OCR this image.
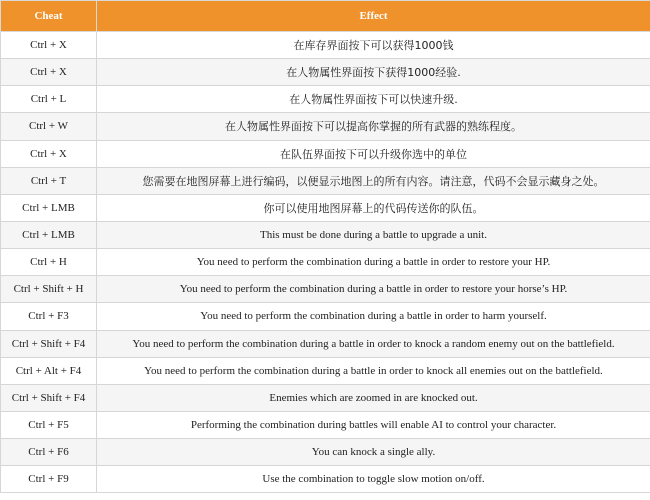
Cheat	Effect
Ctrl + X	在库存界面按下可以获得1000钱
Ctrl + X	在人物属性界面按下获得1000经验.
Ctrl + L	在人物属性界面按下可以快速升级.
Ctrl + W	在人物属性界面按下可以提高你掌握的所有武器的熟练程度。
Ctrl + X	在队伍界面按下可以升级你选中的单位
Ctrl + T	您需要在地图屏幕上进行编码，以便显示地图上的所有内容。请注意，代码不会显示藏身之处。
Ctrl + LMB	你可以使用地图屏幕上的代码传送你的队伍。
Ctrl + LMB	This must be done during a battle to upgrade a unit.
Ctrl + H	You need to perform the combination during a battle in order to restore your HP.
Ctrl + Shift + H	You need to perform the combination during a battle in order to restore your horse’s HP.
Ctrl + F3	You need to perform the combination during a battle in order to harm yourself.
Ctrl + Shift + F4	You need to perform the combination during a battle in order to knock a random enemy out on the battlefield.
Ctrl + Alt + F4	You need to perform the combination during a battle in order to knock all enemies out on the battlefield.
Ctrl + Shift + F4	Enemies which are zoomed in are knocked out.
Ctrl + F5	Performing the combination during battles will enable AI to control your character.
Ctrl + F6	You can knock a single ally.
Ctrl + F9	Use the combination to toggle slow motion on/off.
